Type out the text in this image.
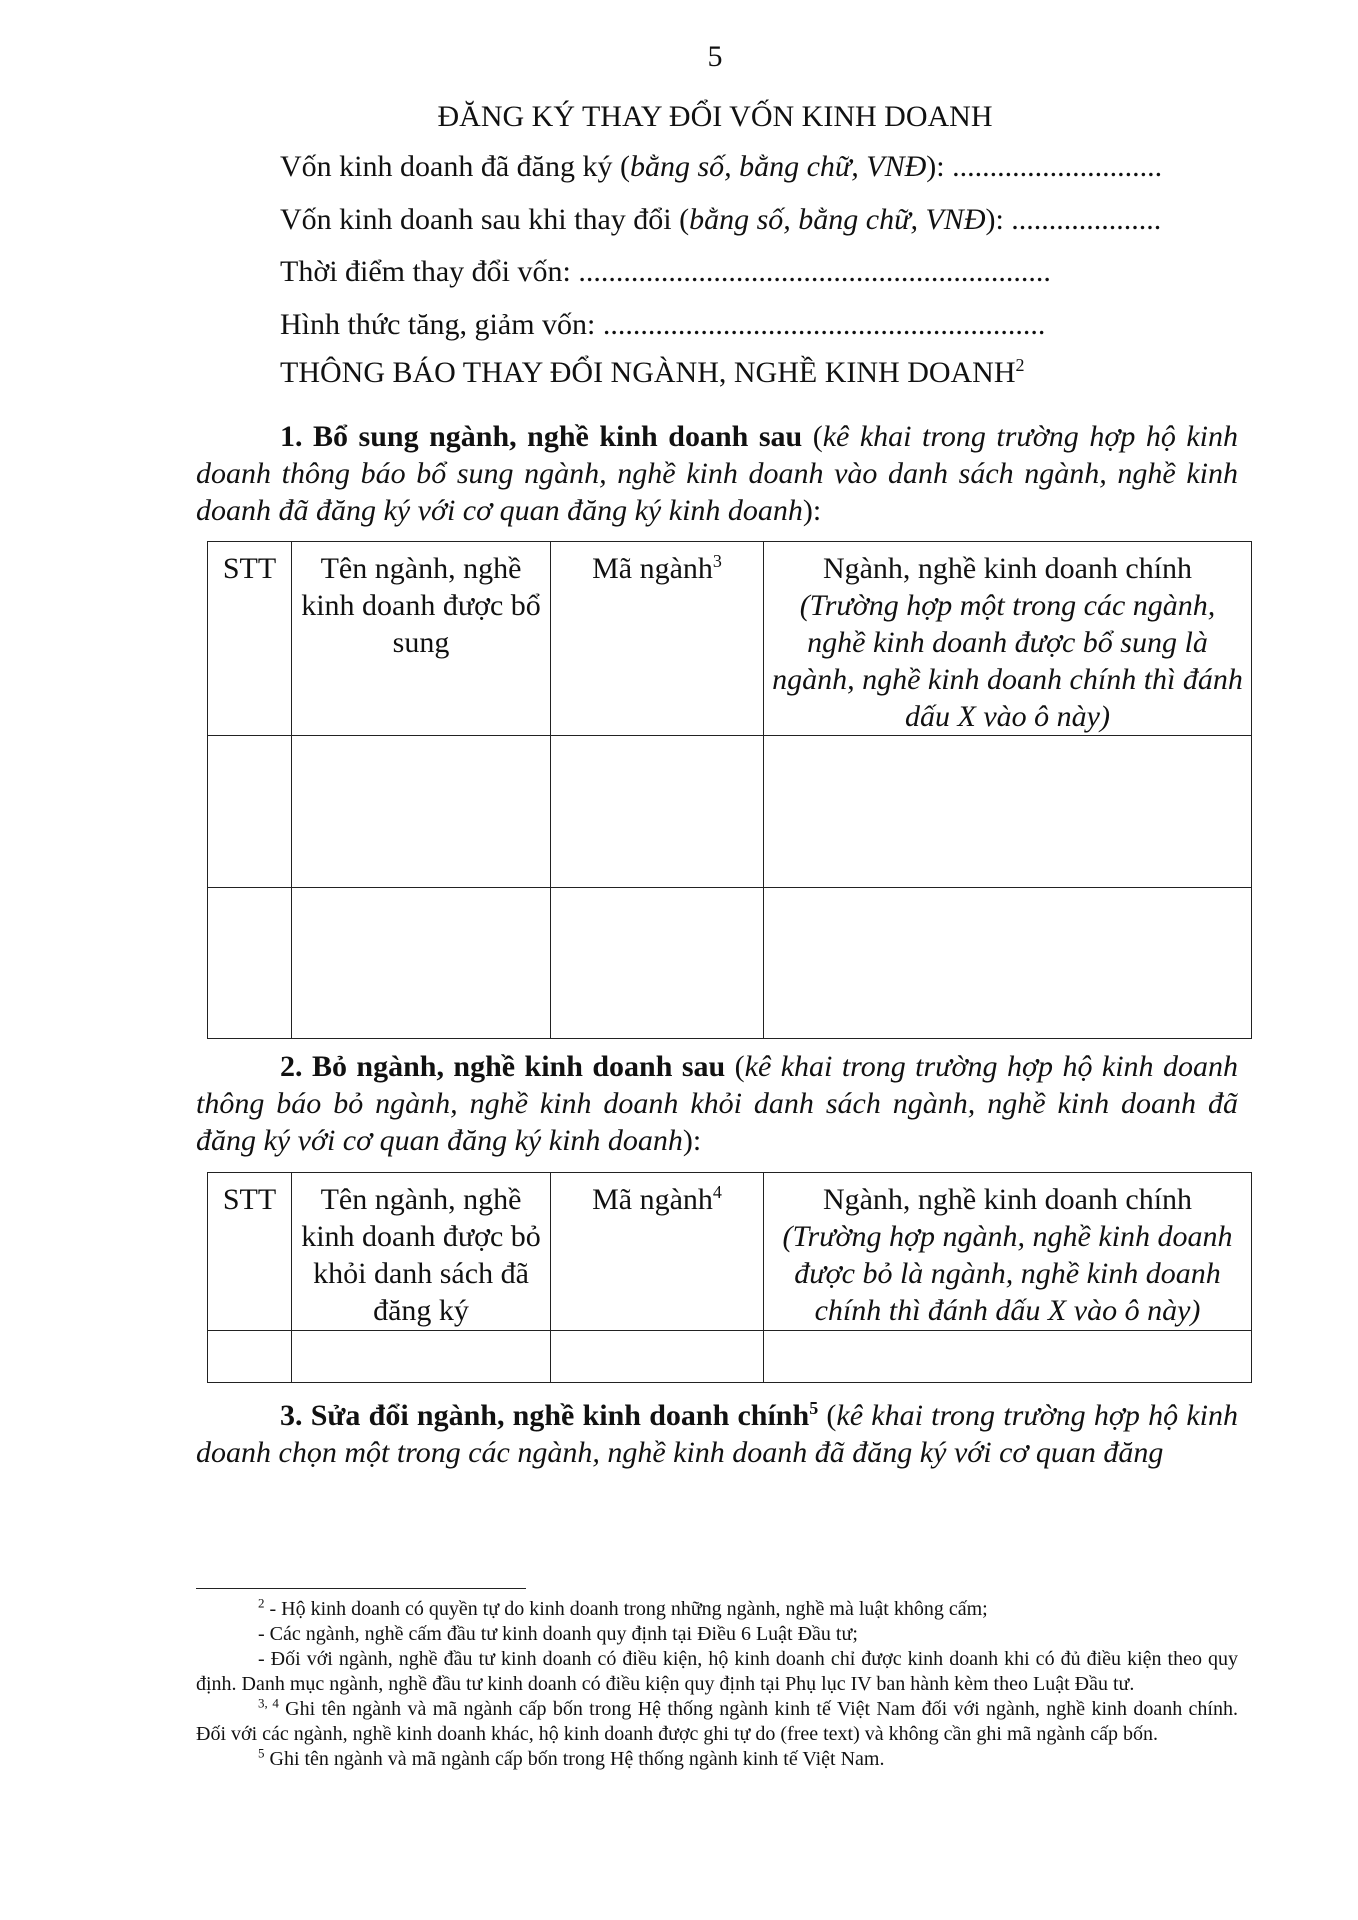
5
ĐĂNG KÝ THAY ĐỔI VỐN KINH DOANH
Vốn kinh doanh đã đăng ký (bằng số, bằng chữ, VNĐ): ............................
Vốn kinh doanh sau khi thay đổi (bằng số, bằng chữ, VNĐ): ....................
Thời điểm thay đổi vốn: ...............................................................
Hình thức tăng, giảm vốn: ...........................................................
THÔNG BÁO THAY ĐỔI NGÀNH, NGHỀ KINH DOANH$^2$
1. Bổ sung ngành, nghề kinh doanh sau (kê khai trong trường hợp hộ kinh doanh thông báo bổ sung ngành, nghề kinh doanh vào danh sách ngành, nghề kinh doanh đã đăng ký với cơ quan đăng ký kinh doanh):
STT	Tên ngành, nghề kinh doanh được bổ sung	Mã ngành$^3$	Ngành, nghề kinh doanh chính
(Trường hợp một trong các ngành, nghề kinh doanh được bổ sung là ngành, nghề kinh doanh chính thì đánh dấu X vào ô này)

2. Bỏ ngành, nghề kinh doanh sau (kê khai trong trường hợp hộ kinh doanh thông báo bỏ ngành, nghề kinh doanh khỏi danh sách ngành, nghề kinh doanh đã đăng ký với cơ quan đăng ký kinh doanh):
STT	Tên ngành, nghề kinh doanh được bỏ khỏi danh sách đã đăng ký	Mã ngành$^4$	Ngành, nghề kinh doanh chính
(Trường hợp ngành, nghề kinh doanh được bỏ là ngành, nghề kinh doanh chính thì đánh dấu X vào ô này)

3. Sửa đổi ngành, nghề kinh doanh chính$^5$ (kê khai trong trường hợp hộ kinh doanh chọn một trong các ngành, nghề kinh doanh đã đăng ký với cơ quan đăng

$^2$ - Hộ kinh doanh có quyền tự do kinh doanh trong những ngành, nghề mà luật không cấm;

- Các ngành, nghề cấm đầu tư kinh doanh quy định tại Điều 6 Luật Đầu tư;

- Đối với ngành, nghề đầu tư kinh doanh có điều kiện, hộ kinh doanh chỉ được kinh doanh khi có đủ điều kiện theo quy định. Danh mục ngành, nghề đầu tư kinh doanh có điều kiện quy định tại Phụ lục IV ban hành kèm theo Luật Đầu tư.

$^{3, 4}$ Ghi tên ngành và mã ngành cấp bốn trong Hệ thống ngành kinh tế Việt Nam đối với ngành, nghề kinh doanh chính. Đối với các ngành, nghề kinh doanh khác, hộ kinh doanh được ghi tự do (free text) và không cần ghi mã ngành cấp bốn.

$^5$ Ghi tên ngành và mã ngành cấp bốn trong Hệ thống ngành kinh tế Việt Nam.
